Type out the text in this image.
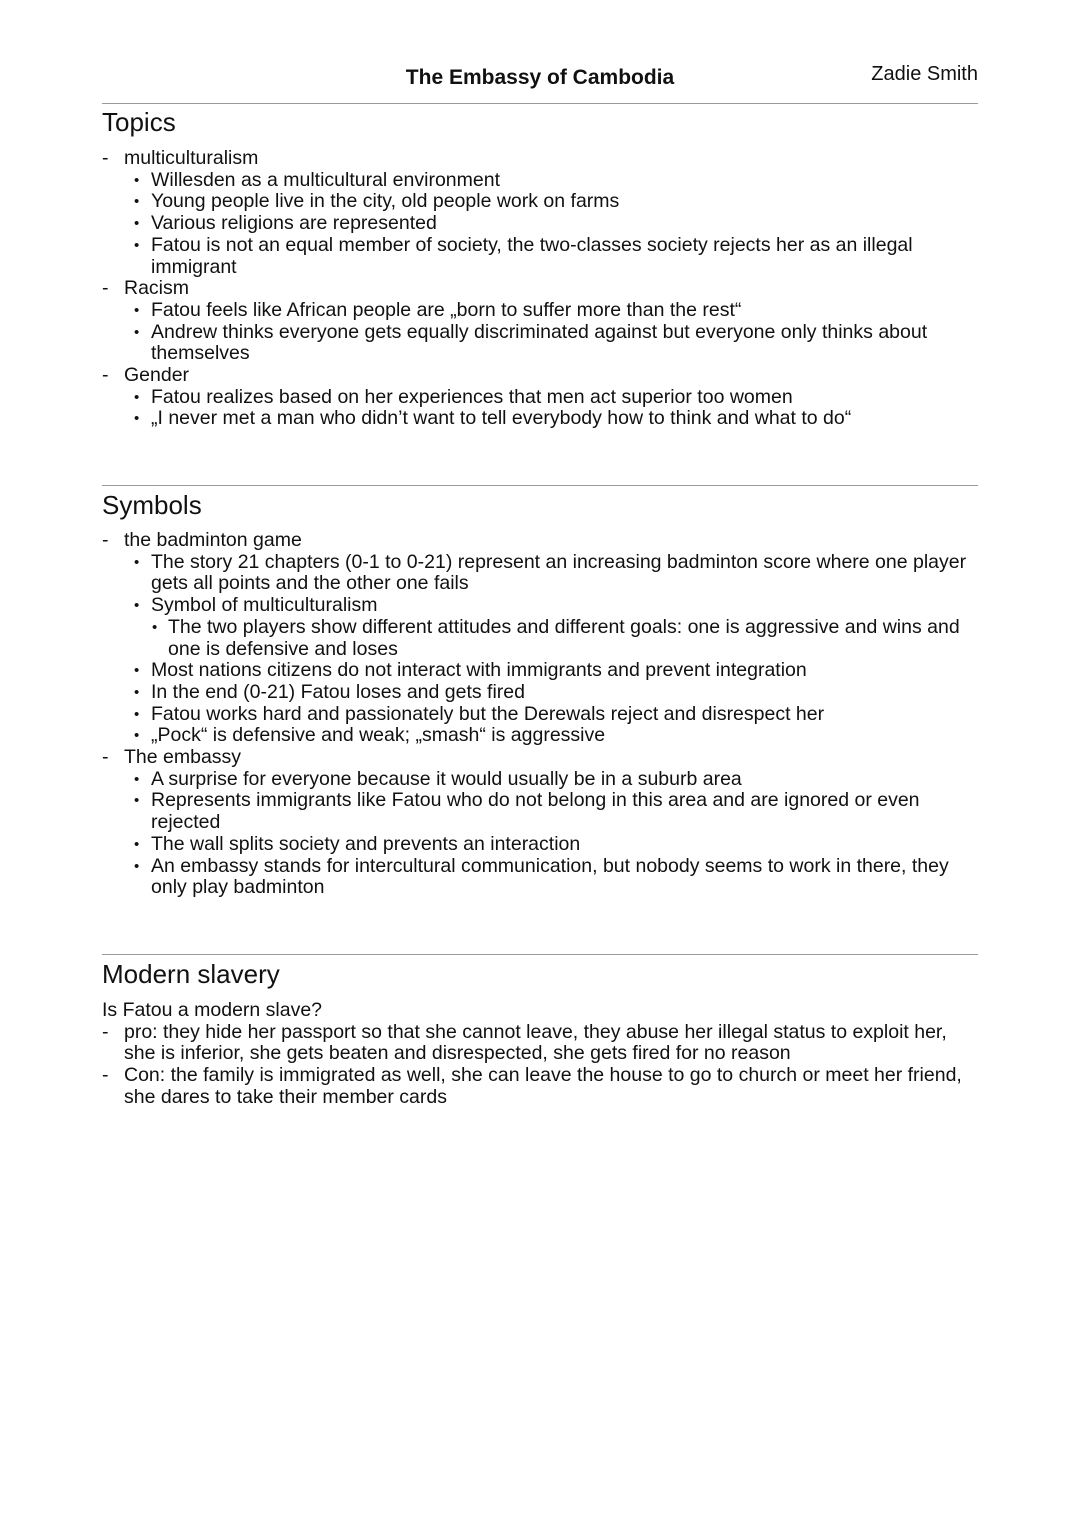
The Embassy of Cambodia	Zadie Smith
Topics
- multiculturalism
• Willesden as a multicultural environment
• Young people live in the city, old people work on farms
• Various religions are represented
• Fatou is not an equal member of society, the two-classes society rejects her as an illegal immigrant
- Racism
• Fatou feels like African people are „born to suffer more than the rest“
• Andrew thinks everyone gets equally discriminated against but everyone only thinks about themselves
- Gender
• Fatou realizes based on her experiences that men act superior too women
• „I never met a man who didn’t want to tell everybody how to think and what to do“
Symbols
- the badminton game
• The story 21 chapters (0-1 to 0-21) represent an increasing badminton score where one player gets all points and the other one fails
• Symbol of multiculturalism
• The two players show different attitudes and different goals: one is aggressive and wins and one is defensive and loses
• Most nations citizens do not interact with immigrants and prevent integration
• In the end (0-21) Fatou loses and gets fired
• Fatou works hard and passionately but the Derewals reject and disrespect her
• „Pock“ is defensive and weak; „smash“ is aggressive
- The embassy
• A surprise for everyone because it would usually be in a suburb area
• Represents immigrants like Fatou who do not belong in this area and are ignored or even rejected
• The wall splits society and prevents an interaction
• An embassy stands for intercultural communication, but nobody seems to work in there, they only play badminton
Modern slavery
Is Fatou a modern slave?
- pro: they hide her passport so that she cannot leave, they abuse her illegal status to exploit her, she is inferior, she gets beaten and disrespected, she gets fired for no reason
- Con: the family is immigrated as well, she can leave the house to go to church or meet her friend, she dares to take their member cards
